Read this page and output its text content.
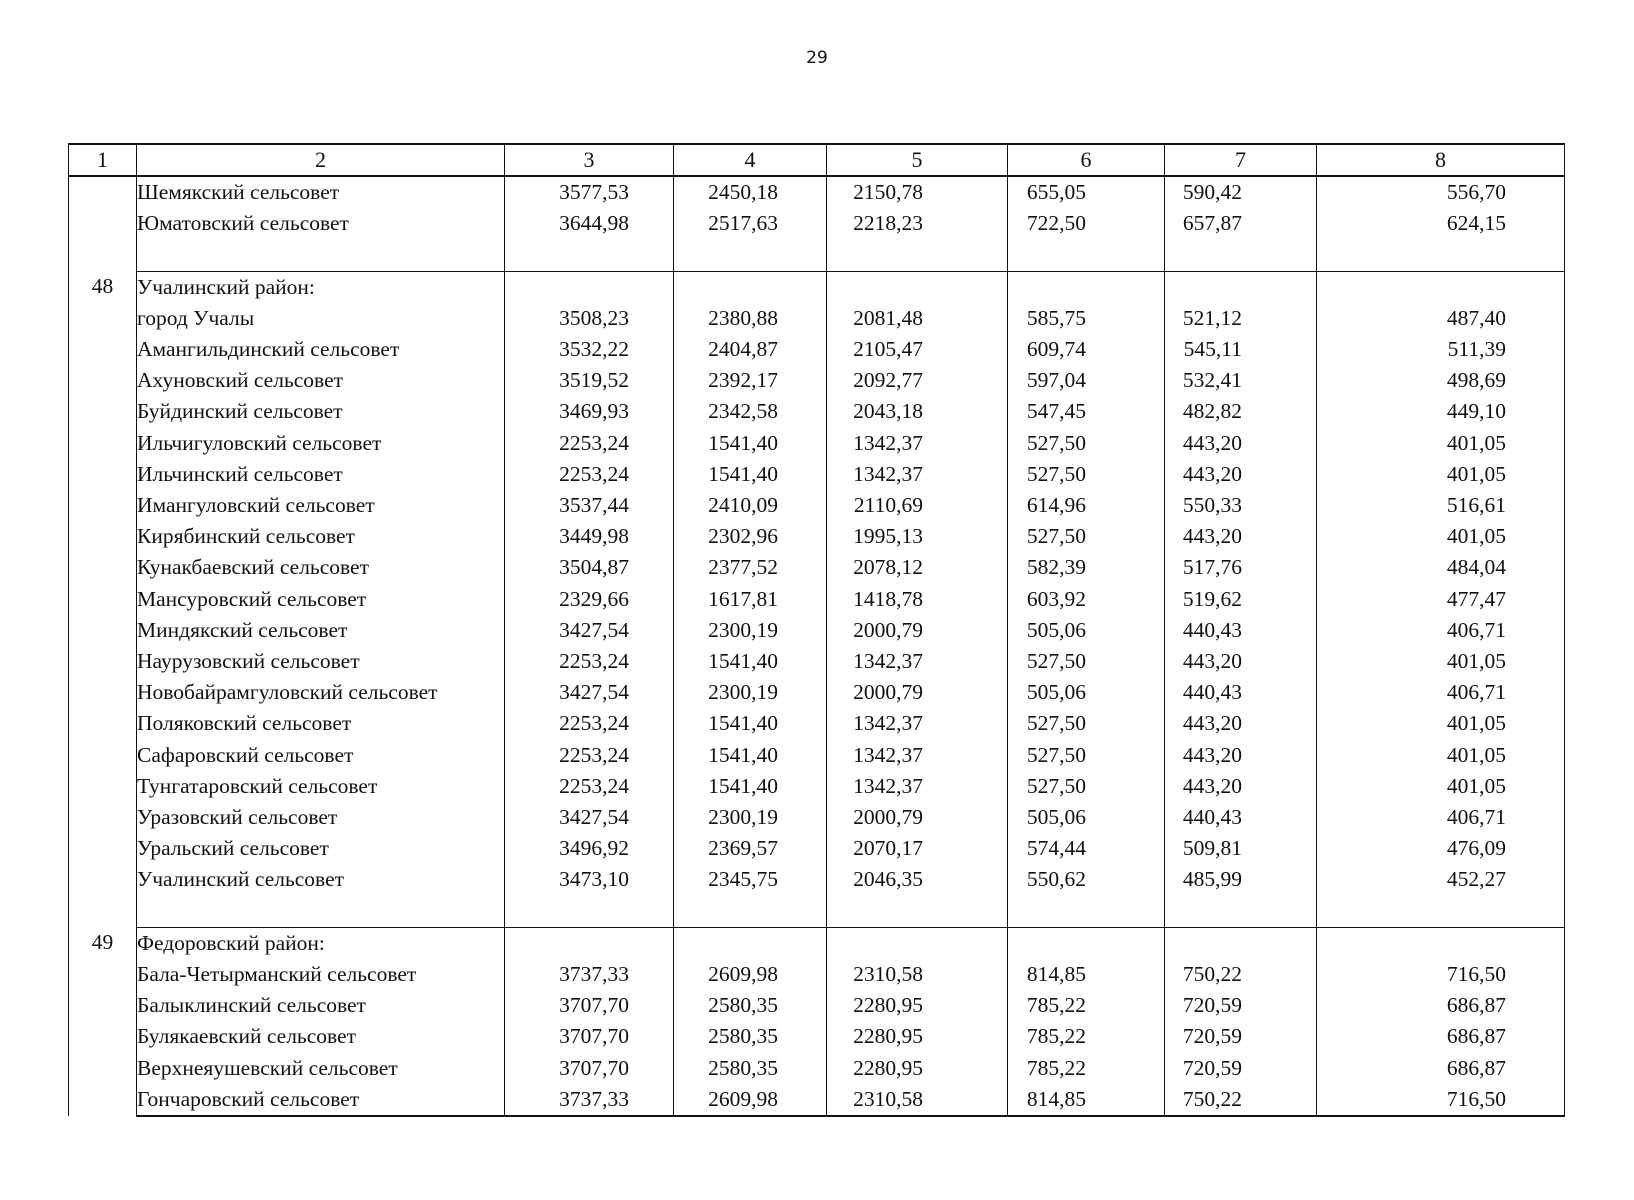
29
1	2	3	4	5	6	7	8
	Шемякский сельсовет	3577,53	2450,18	2150,78	655,05	590,42	556,70
	Юматовский сельсовет	3644,98	2517,63	2218,23	722,50	657,87	624,15

48	Учалинский район:						
	город Учалы	3508,23	2380,88	2081,48	585,75	521,12	487,40
	Амангильдинский сельсовет	3532,22	2404,87	2105,47	609,74	545,11	511,39
	Ахуновский сельсовет	3519,52	2392,17	2092,77	597,04	532,41	498,69
	Буйдинский сельсовет	3469,93	2342,58	2043,18	547,45	482,82	449,10
	Ильчигуловский сельсовет	2253,24	1541,40	1342,37	527,50	443,20	401,05
	Ильчинский сельсовет	2253,24	1541,40	1342,37	527,50	443,20	401,05
	Имангуловский сельсовет	3537,44	2410,09	2110,69	614,96	550,33	516,61
	Кирябинский сельсовет	3449,98	2302,96	1995,13	527,50	443,20	401,05
	Кунакбаевский сельсовет	3504,87	2377,52	2078,12	582,39	517,76	484,04
	Мансуровский сельсовет	2329,66	1617,81	1418,78	603,92	519,62	477,47
	Миндякский сельсовет	3427,54	2300,19	2000,79	505,06	440,43	406,71
	Наурузовский сельсовет	2253,24	1541,40	1342,37	527,50	443,20	401,05
	Новобайрамгуловский сельсовет	3427,54	2300,19	2000,79	505,06	440,43	406,71
	Поляковский сельсовет	2253,24	1541,40	1342,37	527,50	443,20	401,05
	Сафаровский сельсовет	2253,24	1541,40	1342,37	527,50	443,20	401,05
	Тунгатаровский сельсовет	2253,24	1541,40	1342,37	527,50	443,20	401,05
	Уразовский сельсовет	3427,54	2300,19	2000,79	505,06	440,43	406,71
	Уральский сельсовет	3496,92	2369,57	2070,17	574,44	509,81	476,09
	Учалинский сельсовет	3473,10	2345,75	2046,35	550,62	485,99	452,27

49	Федоровский район:						
	Бала-Четырманский сельсовет	3737,33	2609,98	2310,58	814,85	750,22	716,50
	Балыклинский сельсовет	3707,70	2580,35	2280,95	785,22	720,59	686,87
	Булякаевский сельсовет	3707,70	2580,35	2280,95	785,22	720,59	686,87
	Верхнеяушевский сельсовет	3707,70	2580,35	2280,95	785,22	720,59	686,87
	Гончаровский сельсовет	3737,33	2609,98	2310,58	814,85	750,22	716,50
